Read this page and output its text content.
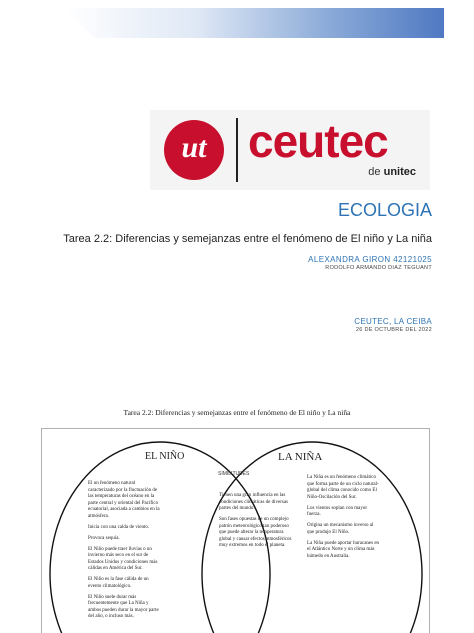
ut ceutec
de unitec
ECOLOGIA
Tarea 2.2: Diferencias y semejanzas entre el fenómeno de El niño y La niña
ALEXANDRA GIRON 42121025
RODOLFO ARMANDO DIAZ TEGUANT
CEUTEC, LA CEIBA
26 DE OCTUBRE DEL 2022
Tarea 2.2: Diferencias y semejanzas entre el fenómeno de El niño y La niña
EL NIÑO	LA NIÑA
SIMILITUDES

El un fenómeno natural caracterizado por la fluctuación de las temperaturas del océano en la parte central y oriental del Pacífico ecuatorial, asociada a cambios en la atmósfera.

Inicia con una calda de viento.

Provoca sequía.

El Niño puede traer lluvias o un invierno más seco en el sur de Estados Unidos y condiciones más cálidas en América del Sur.

El Niño es la fase cálida de un evento climatológico.

El Niño suele durar más frecuentemente que La Niña y ambos pueden durar la mayor parte del año, o incluso más.

Tienen una gran influencia en las condiciones climáticas de diversas partes del mundo.

Son fases opuestas de un complejo patrón meteorológico tan poderoso que puede alterar la temperatura global y causar efectos atmosféricos muy extremos en todo el planeta.

La Niña es un fenómeno climático que forma parte de un ciclo natural-global del clima conocido como El Niño-Oscilación del Sur.

Los vientos soplan con mayor fuerza.

Origina un mecanismo inverso al que produjo El Niño.

La Niña puede aportar huracanes en el Atlántico Norte y un clima más húmedo en Australia.
